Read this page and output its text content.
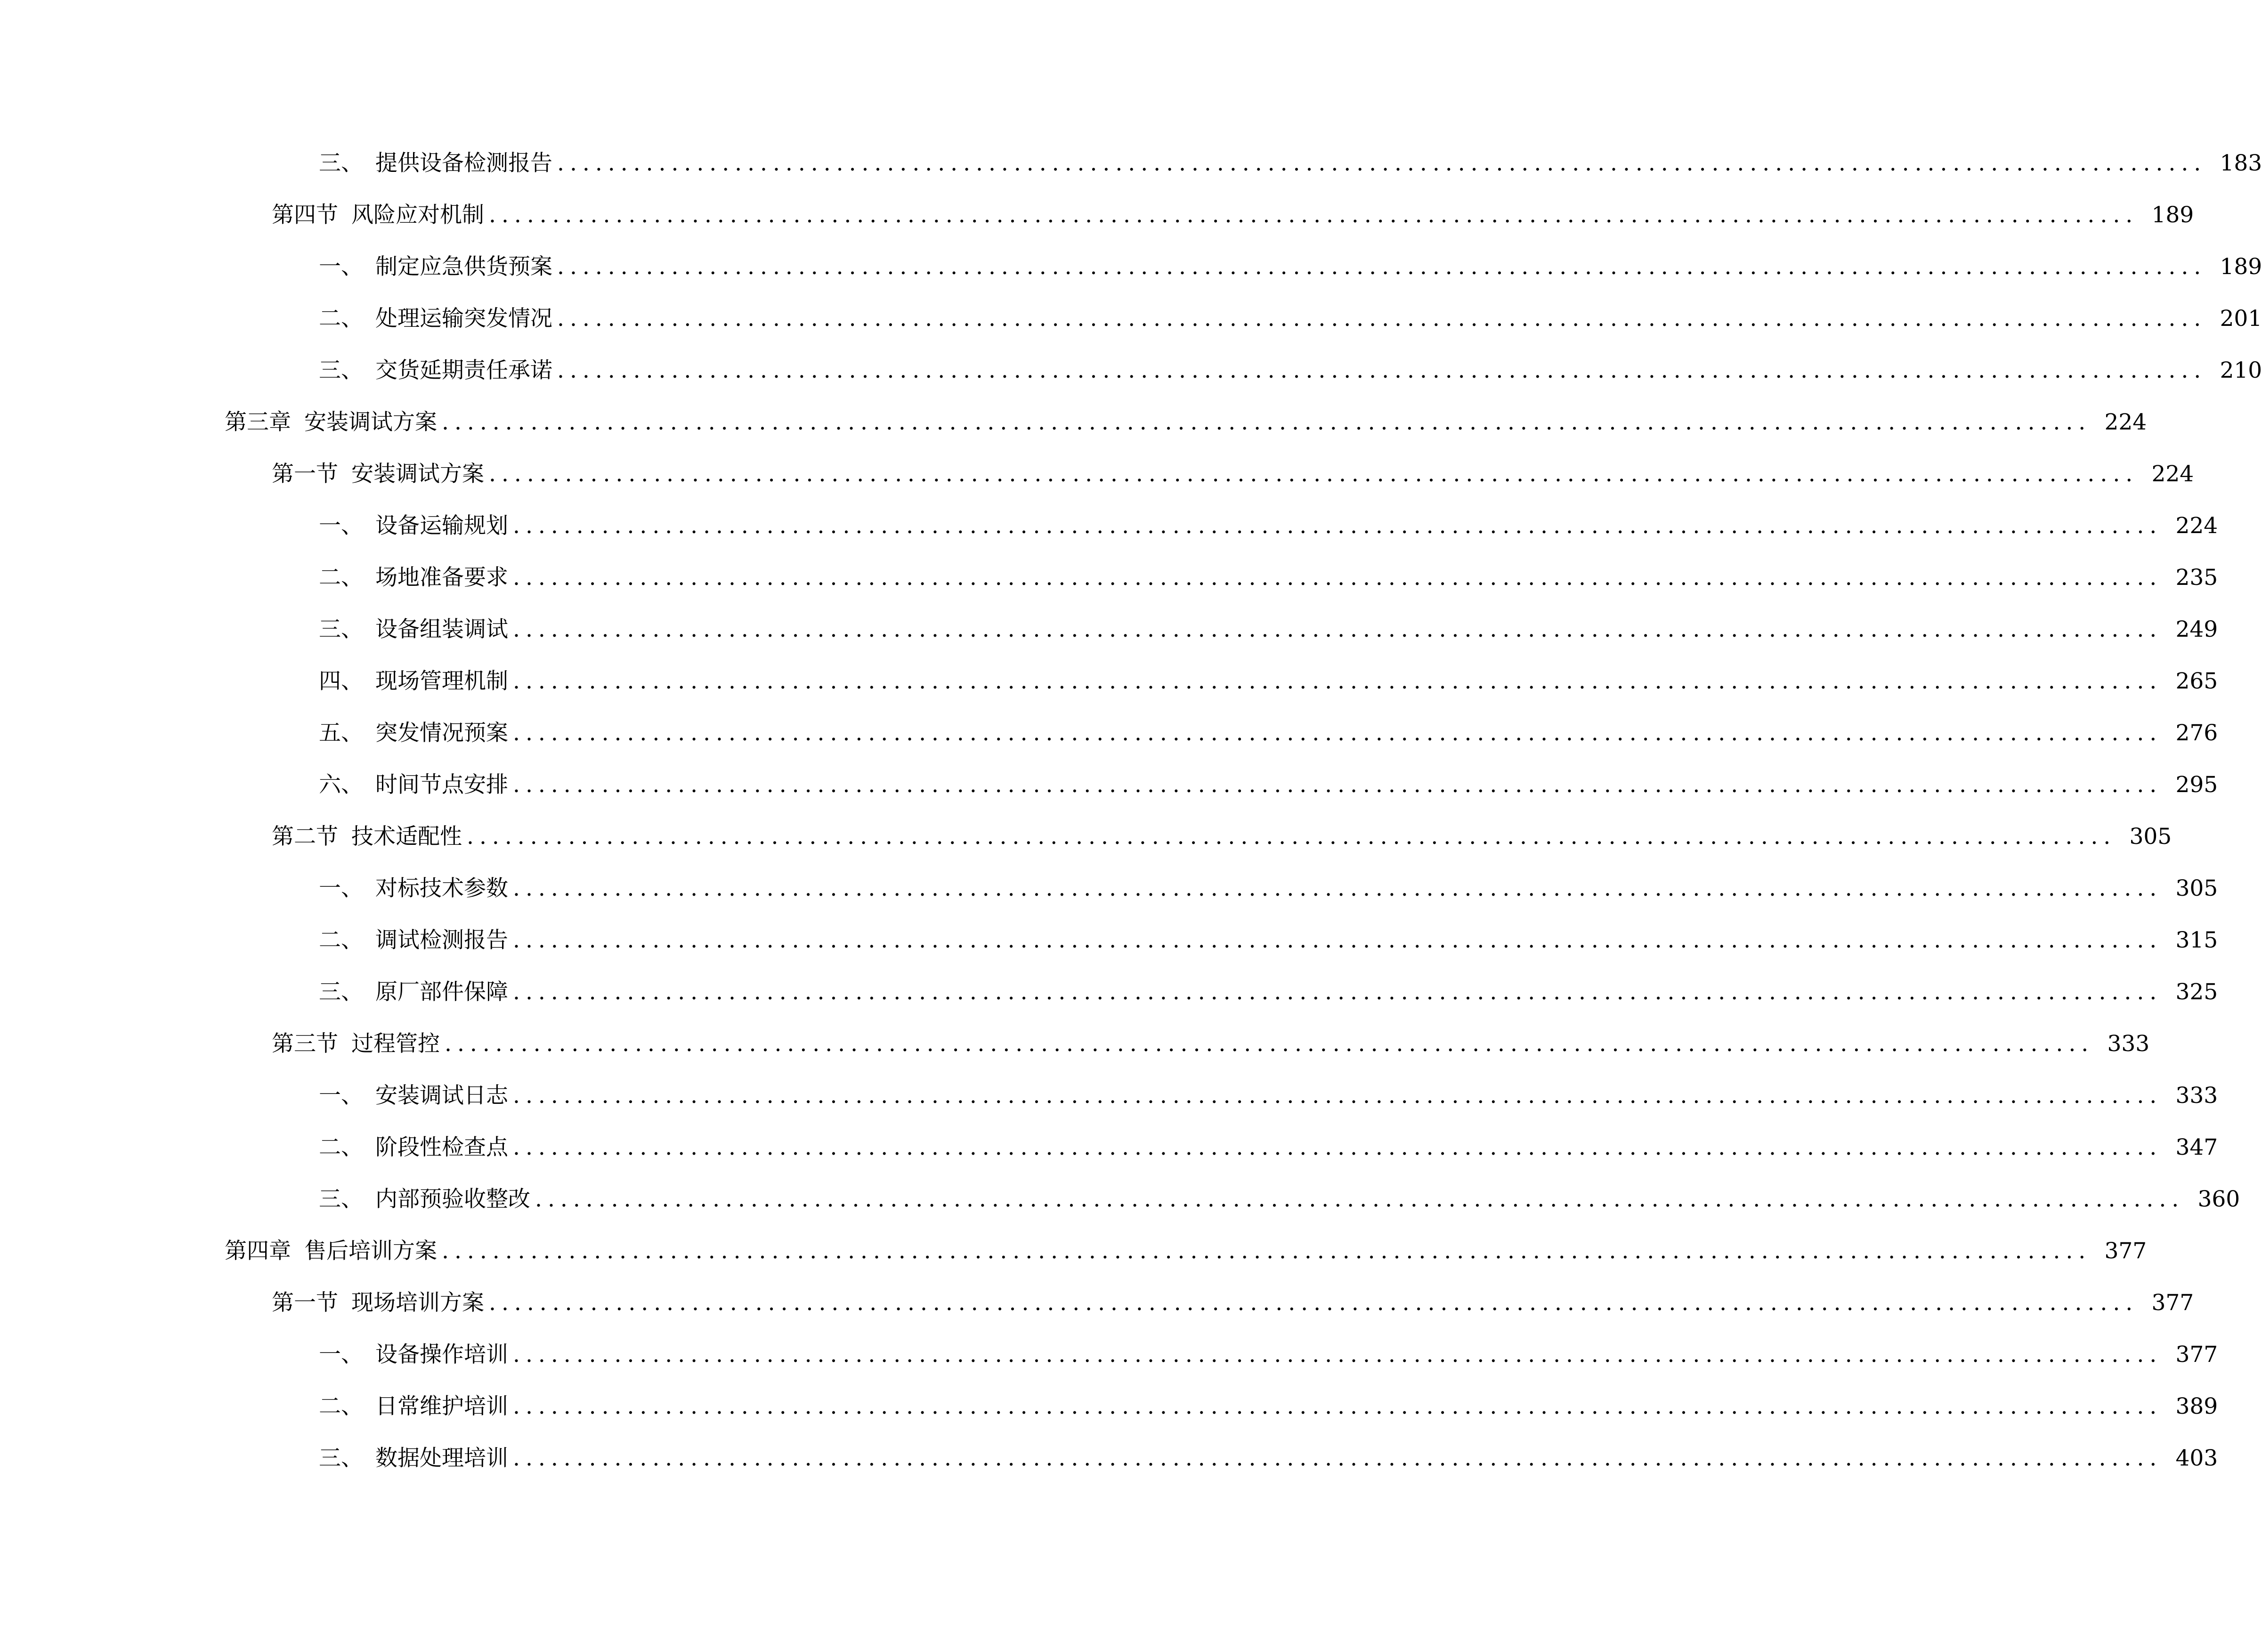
三、 提供设备检测报告 .................................................................................................................................. 183
第四节 风险应对机制 .................................................................................................................................. 189
一、 制定应急供货预案 .................................................................................................................................. 189
二、 处理运输突发情况 .................................................................................................................................. 201
三、 交货延期责任承诺 .................................................................................................................................. 210
第三章 安装调试方案 .................................................................................................................................. 224
第一节 安装调试方案 .................................................................................................................................. 224
一、 设备运输规划 .................................................................................................................................. 224
二、 场地准备要求 .................................................................................................................................. 235
三、 设备组装调试 .................................................................................................................................. 249
四、 现场管理机制 .................................................................................................................................. 265
五、 突发情况预案 .................................................................................................................................. 276
六、 时间节点安排 .................................................................................................................................. 295
第二节 技术适配性 .................................................................................................................................. 305
一、 对标技术参数 .................................................................................................................................. 305
二、 调试检测报告 .................................................................................................................................. 315
三、 原厂部件保障 .................................................................................................................................. 325
第三节 过程管控 .................................................................................................................................. 333
一、 安装调试日志 .................................................................................................................................. 333
二、 阶段性检查点 .................................................................................................................................. 347
三、 内部预验收整改 .................................................................................................................................. 360
第四章 售后培训方案 .................................................................................................................................. 377
第一节 现场培训方案 .................................................................................................................................. 377
一、 设备操作培训 .................................................................................................................................. 377
二、 日常维护培训 .................................................................................................................................. 389
三、 数据处理培训 .................................................................................................................................. 403
